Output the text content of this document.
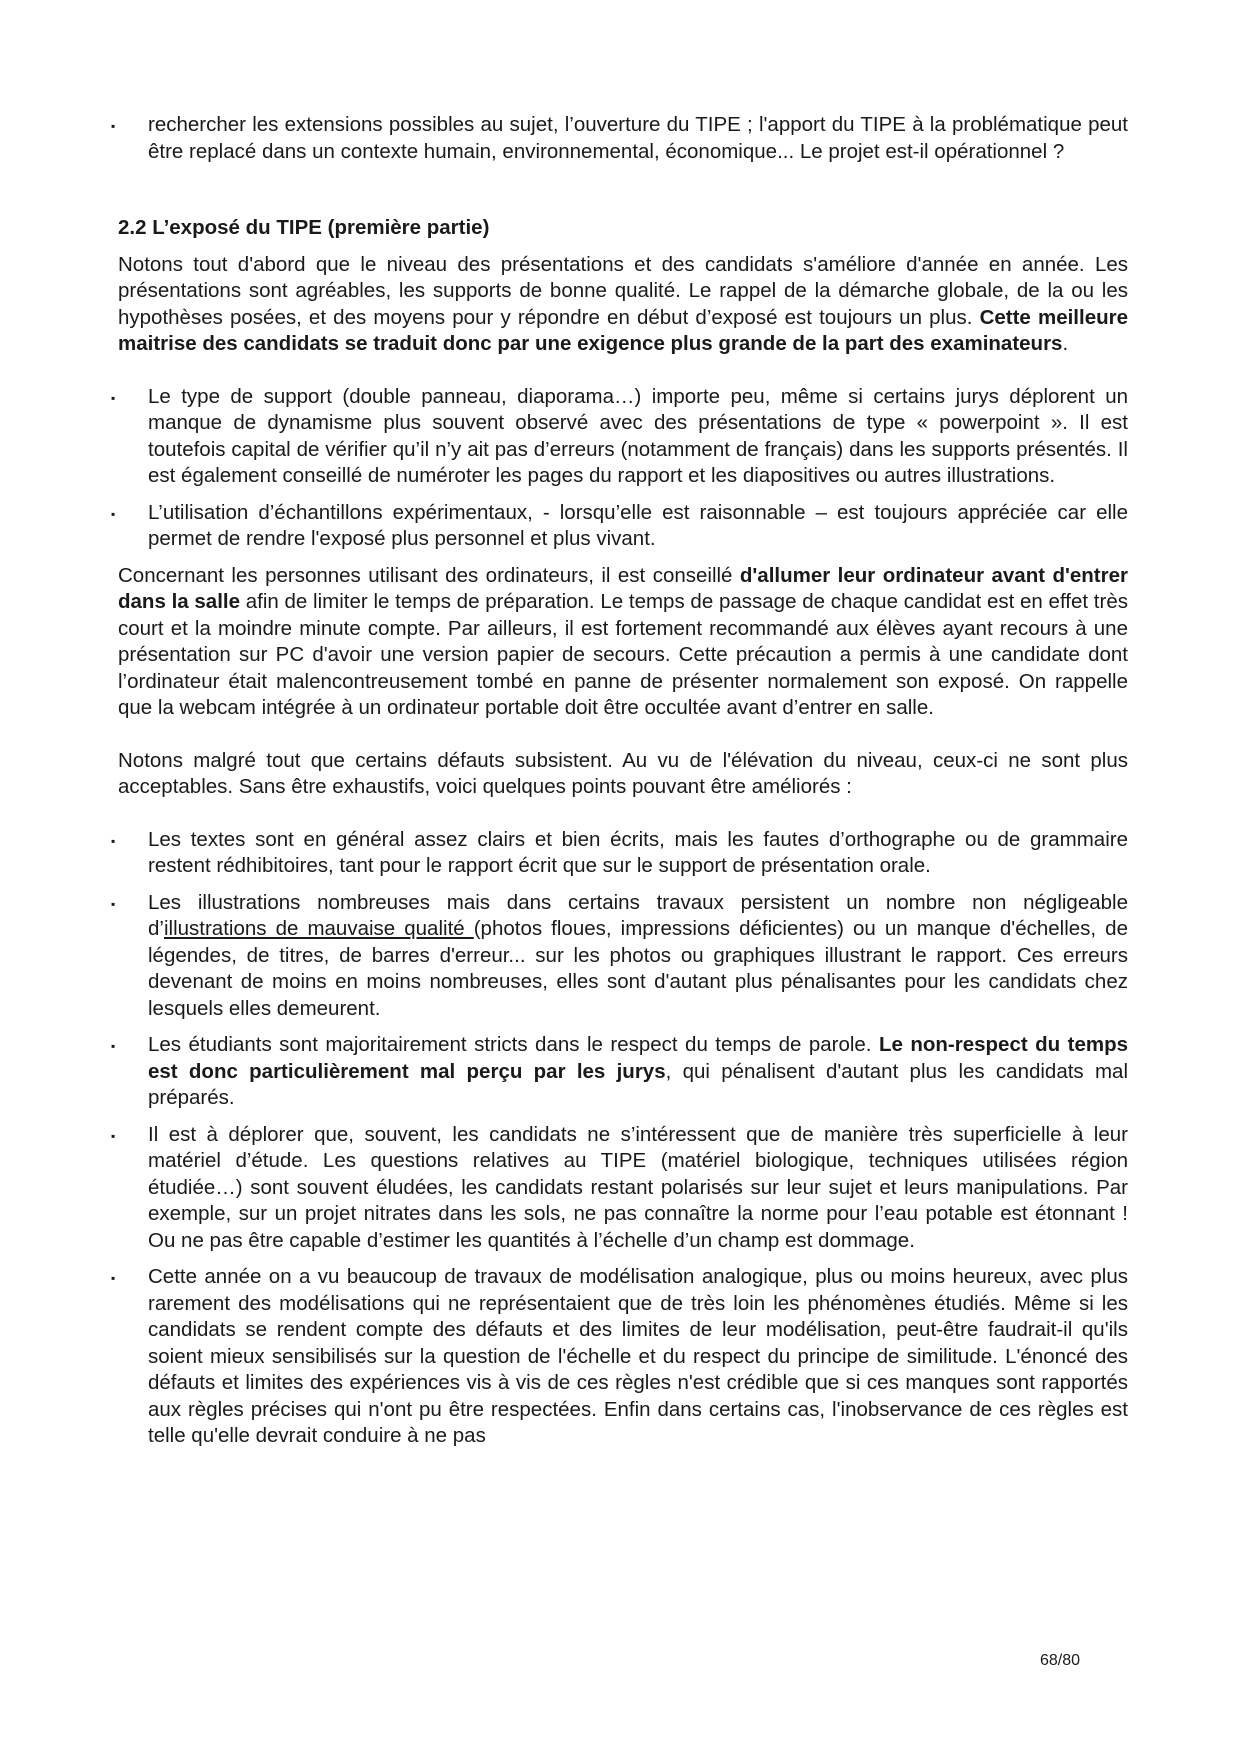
▪ rechercher les extensions possibles au sujet, l’ouverture du TIPE ; l'apport du TIPE à la problématique peut être replacé dans un contexte humain, environnemental, économique... Le projet est-il opérationnel ?
2.2 L’exposé du TIPE (première partie)

Notons tout d'abord que le niveau des présentations et des candidats s'améliore d'année en année. Les présentations sont agréables, les supports de bonne qualité. Le rappel de la démarche globale, de la ou les hypothèses posées, et des moyens pour y répondre en début d’exposé est toujours un plus. Cette meilleure maitrise des candidats se traduit donc par une exigence plus grande de la part des examinateurs.

▪ Le type de support (double panneau, diaporama…) importe peu, même si certains jurys déplorent un manque de dynamisme plus souvent observé avec des présentations de type « powerpoint ». Il est toutefois capital de vérifier qu’il n’y ait pas d’erreurs (notamment de français) dans les supports présentés. Il est également conseillé de numéroter les pages du rapport et les diapositives ou autres illustrations.
▪ L’utilisation d’échantillons expérimentaux, - lorsqu’elle est raisonnable – est toujours appréciée car elle permet de rendre l'exposé plus personnel et plus vivant.

Concernant les personnes utilisant des ordinateurs, il est conseillé d'allumer leur ordinateur avant d'entrer dans la salle afin de limiter le temps de préparation. Le temps de passage de chaque candidat est en effet très court et la moindre minute compte. Par ailleurs, il est fortement recommandé aux élèves ayant recours à une présentation sur PC d'avoir une version papier de secours. Cette précaution a permis à une candidate dont l’ordinateur était malencontreusement tombé en panne de présenter normalement son exposé. On rappelle que la webcam intégrée à un ordinateur portable doit être occultée avant d’entrer en salle.

Notons malgré tout que certains défauts subsistent. Au vu de l'élévation du niveau, ceux-ci ne sont plus acceptables. Sans être exhaustifs, voici quelques points pouvant être améliorés :

▪ Les textes sont en général assez clairs et bien écrits, mais les fautes d’orthographe ou de grammaire restent rédhibitoires, tant pour le rapport écrit que sur le support de présentation orale.
▪ Les illustrations nombreuses mais dans certains travaux persistent un nombre non négligeable d’illustrations de mauvaise qualité (photos floues, impressions déficientes) ou un manque d'échelles, de légendes, de titres, de barres d'erreur... sur les photos ou graphiques illustrant le rapport. Ces erreurs devenant de moins en moins nombreuses, elles sont d'autant plus pénalisantes pour les candidats chez lesquels elles demeurent.
▪ Les étudiants sont majoritairement stricts dans le respect du temps de parole. Le non-respect du temps est donc particulièrement mal perçu par les jurys, qui pénalisent d'autant plus les candidats mal préparés.
▪ Il est à déplorer que, souvent, les candidats ne s’intéressent que de manière très superficielle à leur matériel d’étude. Les questions relatives au TIPE (matériel biologique, techniques utilisées région étudiée…) sont souvent éludées, les candidats restant polarisés sur leur sujet et leurs manipulations. Par exemple, sur un projet nitrates dans les sols, ne pas connaître la norme pour l’eau potable est étonnant ! Ou ne pas être capable d’estimer les quantités à l’échelle d’un champ est dommage.
▪ Cette année on a vu beaucoup de travaux de modélisation analogique, plus ou moins heureux, avec plus rarement des modélisations qui ne représentaient que de très loin les phénomènes étudiés. Même si les candidats se rendent compte des défauts et des limites de leur modélisation, peut-être faudrait-il qu'ils soient mieux sensibilisés sur la question de l'échelle et du respect du principe de similitude. L'énoncé des défauts et limites des expériences vis à vis de ces règles n'est crédible que si ces manques sont rapportés aux règles précises qui n'ont pu être respectées. Enfin dans certains cas, l'inobservance de ces règles est telle qu'elle devrait conduire à ne pas
68/80
